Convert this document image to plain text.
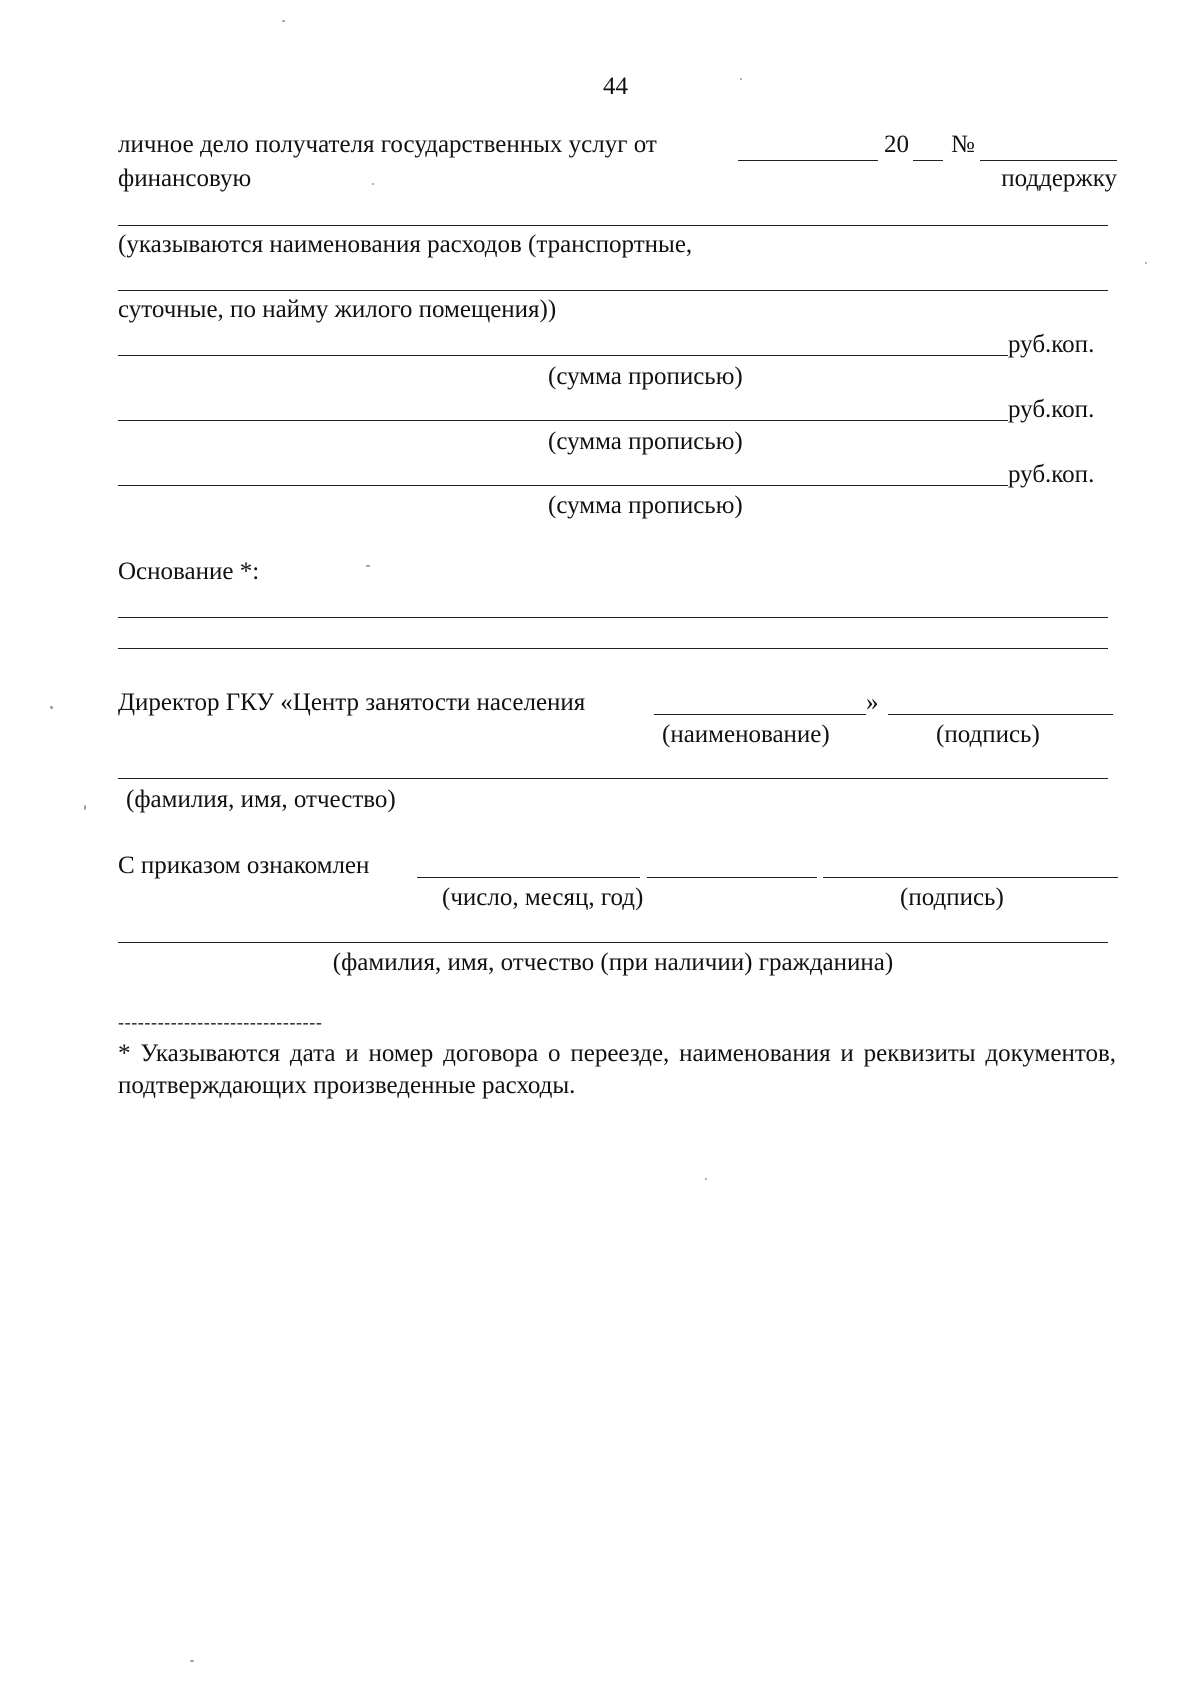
44
личное дело получателя государственных услуг от	20 №
финансовую	поддержку
(указываются наименования расходов (транспортные,
суточные, по найму жилого помещения))
руб.коп.
(сумма прописью)
руб.коп.
(сумма прописью)
руб.коп.
(сумма прописью)
Основание *:
Директор ГКУ «Центр занятости населения	»
(наименование)	(подпись)
(фамилия, имя, отчество)
С приказом ознакомлен
(число, месяц, год)	(подпись)
(фамилия, имя, отчество (при наличии) гражданина)
-------------------------------
* Указываются дата и номер договора о переезде, наименования и реквизиты документов, подтверждающих произведенные расходы.
